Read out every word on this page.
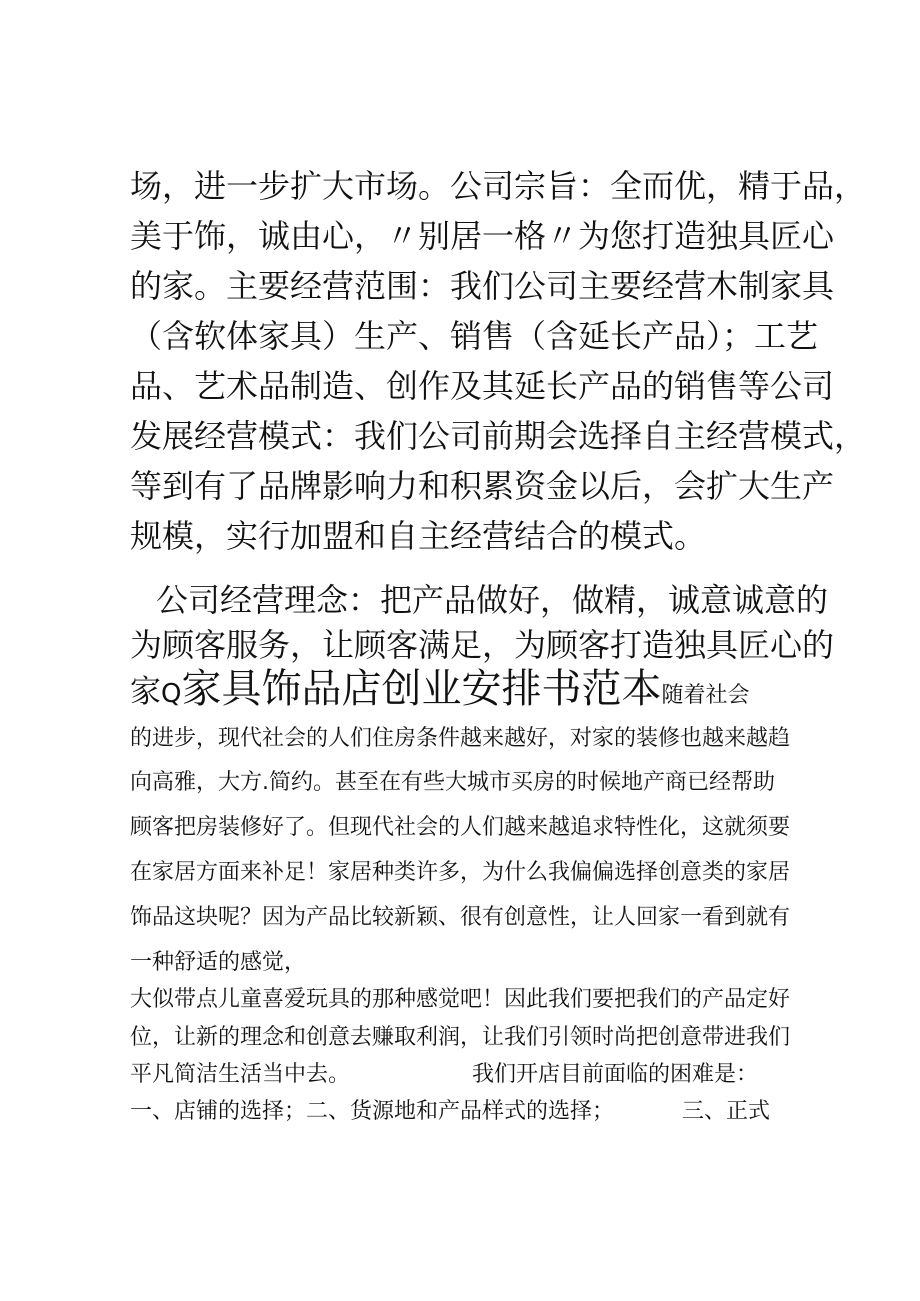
场，进一步扩大市场。公司宗旨：全而优，精于品，
美于饰，诚由心，〃别居一格〃为您打造独具匠心
的家。主要经营范围：我们公司主要经营木制家具
（含软体家具）生产、销售（含延长产品）；工艺
品、艺术品制造、创作及其延长产品的销售等公司
发展经营模式：我们公司前期会选择自主经营模式，
等到有了品牌影响力和积累资金以后，会扩大生产
规模，实行加盟和自主经营结合的模式。
公司经营理念：把产品做好，做精，诚意诚意的
为顾客服务，让顾客满足，为顾客打造独具匠心的
家Q家具饰品店创业安排书范本随着社会
的进步，现代社会的人们住房条件越来越好，对家的装修也越来越趋
向高雅，大方.简约。甚至在有些大城市买房的时候地产商已经帮助
顾客把房装修好了。但现代社会的人们越来越追求特性化，这就须要
在家居方面来补足！家居种类许多，为什么我偏偏选择创意类的家居
饰品这块呢？因为产品比较新颖、很有创意性，让人回家一看到就有
一种舒适的感觉，
大似带点儿童喜爱玩具的那种感觉吧！因此我们要把我们的产品定好
位，让新的理念和创意去赚取利润，让我们引领时尚把创意带进我们
平凡简洁生活当中去。	我们开店目前面临的困难是：
一、店铺的选择；二、货源地和产品样式的选择；	三、正式
